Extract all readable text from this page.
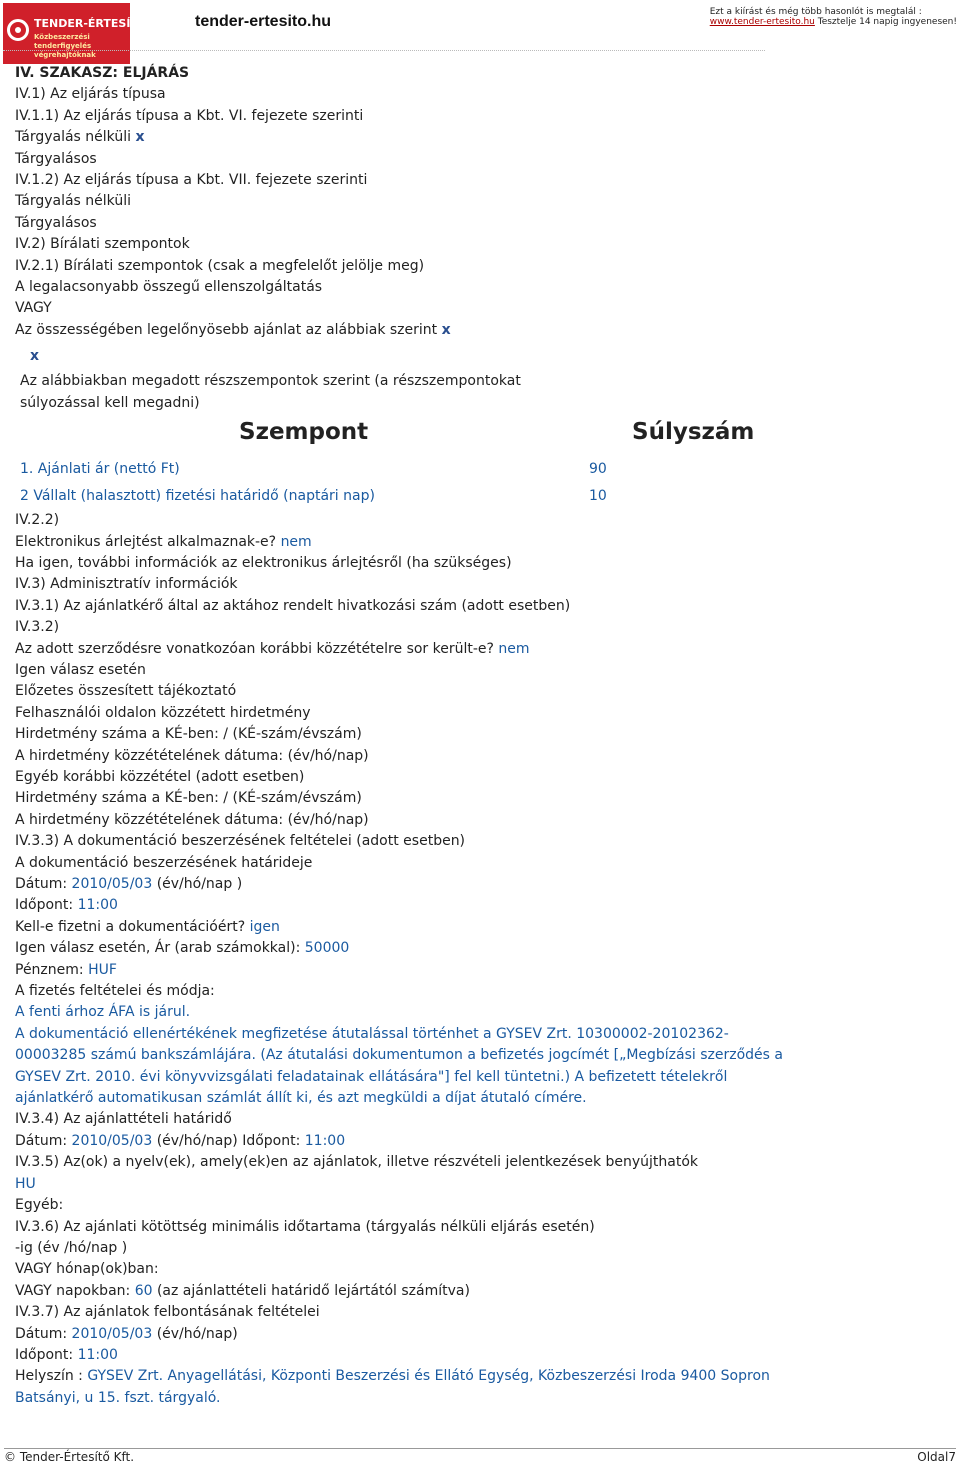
TENDER-ÉRTESÍTŐ.hu
Közbeszerzési tenderfigyelés végrehajtóknak
tender-ertesito.hu
Ezt a kiírást és még több hasonlót is megtalál :
www.tender-ertesito.hu Tesztelje 14 napig ingyenesen!

IV. SZAKASZ: ELJÁRÁS

IV.1) Az eljárás típusa

IV.1.1) Az eljárás típusa a Kbt. VI. fejezete szerinti

Tárgyalás nélküli x

Tárgyalásos

IV.1.2) Az eljárás típusa a Kbt. VII. fejezete szerinti

Tárgyalás nélküli

Tárgyalásos

IV.2) Bírálati szempontok

IV.2.1) Bírálati szempontok (csak a megfelelőt jelölje meg)

A legalacsonyabb összegű ellenszolgáltatás

VAGY

Az összességében legelőnyösebb ajánlat az alábbiak szerint x

x

Az alábbiakban megadott részszempontok szerint (a részszempontokat súlyozással kell megadni)

Szempont	Súlyszám
1. Ajánlati ár (nettó Ft)	90
2 Vállalt (halasztott) fizetési határidő (naptári nap)	10

IV.2.2)

Elektronikus árlejtést alkalmaznak-e? nem

Ha igen, további információk az elektronikus árlejtésről (ha szükséges)

IV.3) Adminisztratív információk

IV.3.1) Az ajánlatkérő által az aktához rendelt hivatkozási szám (adott esetben)

IV.3.2)

Az adott szerződésre vonatkozóan korábbi közzétételre sor került-e? nem

Igen válasz esetén

Előzetes összesített tájékoztató

Felhasználói oldalon közzétett hirdetmény

Hirdetmény száma a KÉ-ben: / (KÉ-szám/évszám)

A hirdetmény közzétételének dátuma: (év/hó/nap)

Egyéb korábbi közzététel (adott esetben)

Hirdetmény száma a KÉ-ben: / (KÉ-szám/évszám)

A hirdetmény közzétételének dátuma: (év/hó/nap)

IV.3.3) A dokumentáció beszerzésének feltételei (adott esetben)

A dokumentáció beszerzésének határideje

Dátum: 2010/05/03 (év/hó/nap )

Időpont: 11:00

Kell-e fizetni a dokumentációért? igen

Igen válasz esetén, Ár (arab számokkal): 50000

Pénznem: HUF

A fizetés feltételei és módja:

A fenti árhoz ÁFA is járul.

A dokumentáció ellenértékének megfizetése átutalással történhet a GYSEV Zrt. 10300002-20102362-00003285 számú bankszámlájára. (Az átutalási dokumentumon a befizetés jogcímét [„Megbízási szerződés a GYSEV Zrt. 2010. évi könyvvizsgálati feladatainak ellátására"] fel kell tüntetni.) A befizetett tételekről ajánlatkérő automatikusan számlát állít ki, és azt megküldi a díjat átutaló címére.

IV.3.4) Az ajánlattételi határidő

Dátum: 2010/05/03 (év/hó/nap) Időpont: 11:00

IV.3.5) Az(ok) a nyelv(ek), amely(ek)en az ajánlatok, illetve részvételi jelentkezések benyújthatók

HU

Egyéb:

IV.3.6) Az ajánlati kötöttség minimális időtartama (tárgyalás nélküli eljárás esetén)

-ig (év /hó/nap )

VAGY hónap(ok)ban:

VAGY napokban: 60 (az ajánlattételi határidő lejártától számítva)

IV.3.7) Az ajánlatok felbontásának feltételei

Dátum: 2010/05/03 (év/hó/nap)

Időpont: 11:00

Helyszín : GYSEV Zrt. Anyagellátási, Központi Beszerzési és Ellátó Egység, Közbeszerzési Iroda 9400 Sopron Batsányi, u 15. fszt. tárgyaló.

© Tender-Értesítő Kft.	Oldal7
